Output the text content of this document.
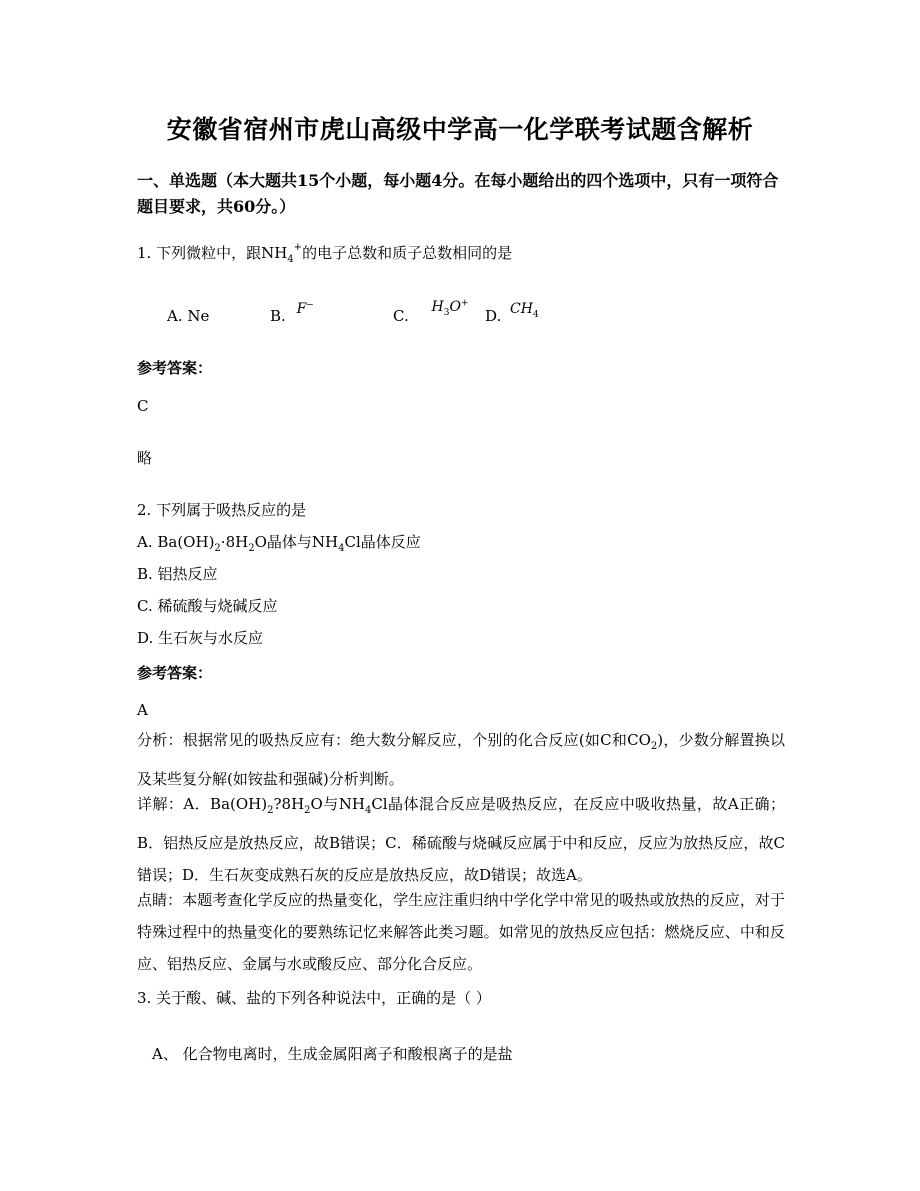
安徽省宿州市虎山高级中学高一化学联考试题含解析
一、单选题（本大题共15个小题，每小题4分。在每小题给出的四个选项中，只有一项符合题目要求，共60分。）
1. 下列微粒中，跟$NH_4^+$的电子总数和质子总数相同的是
A. Ne	B. F−
C. $H_3O^+$
D. $CH_4$
参考答案：
C
略
2. 下列属于吸热反应的是
A. $Ba(OH)_2\cdot 8H_2O$晶体与$NH_4Cl$晶体反应
B. 铝热反应
C. 稀硫酸与烧碱反应
D. 生石灰与水反应
参考答案：
A
分析：根据常见的吸热反应有：绝大数分解反应，个别的化合反应(如C和$CO_2$)，少数分解置换以及某些复分解(如铵盐和强碱)分析判断。
详解：A．$Ba(OH)_2?8H_2O$与$NH_4Cl$晶体混合反应是吸热反应，在反应中吸收热量，故A正确；B．铝热反应是放热反应，故B错误；C．稀硫酸与烧碱反应属于中和反应，反应为放热反应，故C错误；D．生石灰变成熟石灰的反应是放热反应，故D错误；故选A。
点睛：本题考查化学反应的热量变化，学生应注重归纳中学化学中常见的吸热或放热的反应，对于特殊过程中的热量变化的要熟练记忆来解答此类习题。如常见的放热反应包括：燃烧反应、中和反应、铝热反应、金属与水或酸反应、部分化合反应。
3. 关于酸、碱、盐的下列各种说法中，正确的是（ ）
A、 化合物电离时，生成金属阳离子和酸根离子的是盐
